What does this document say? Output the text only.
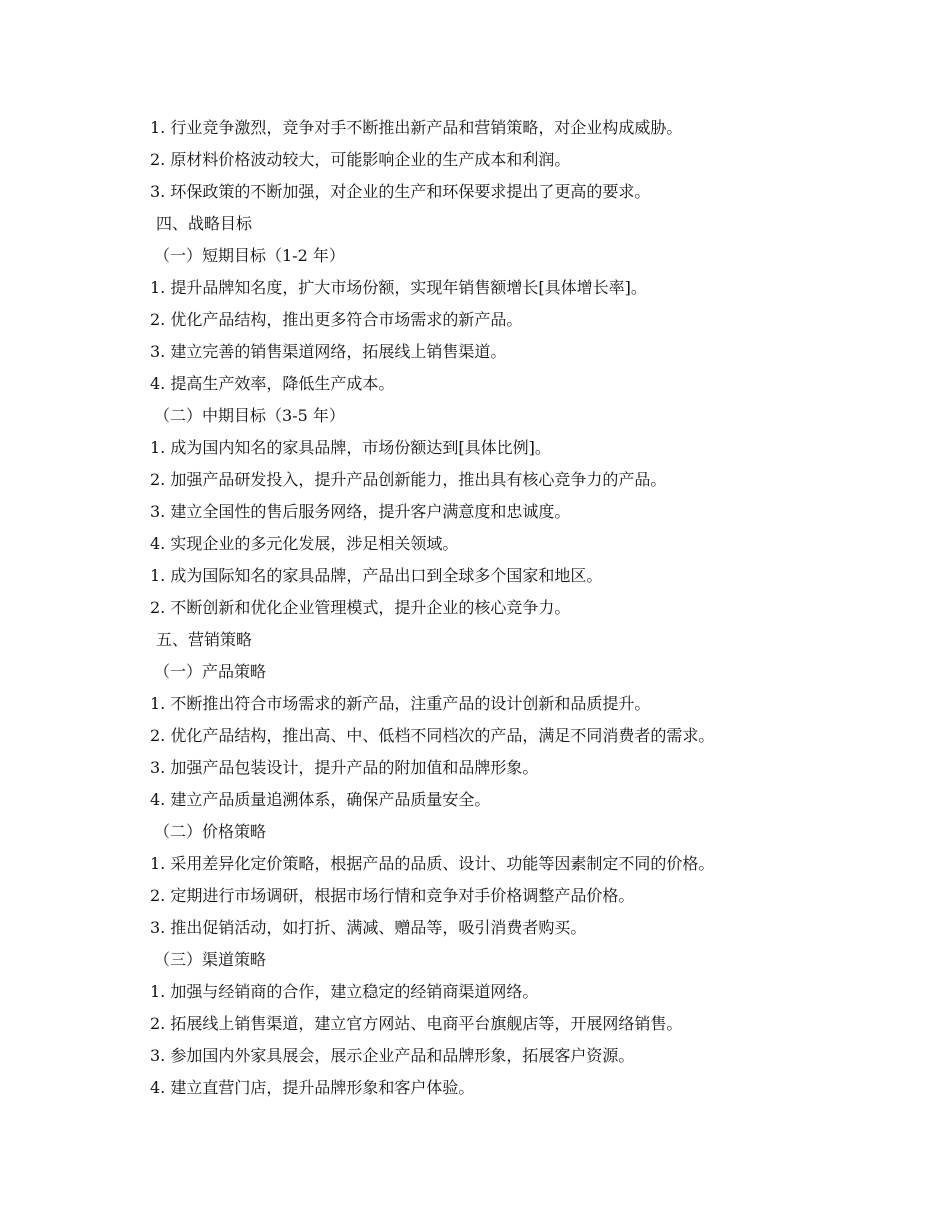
1. 行业竞争激烈，竞争对手不断推出新产品和营销策略，对企业构成威胁。
2. 原材料价格波动较大，可能影响企业的生产成本和利润。
3. 环保政策的不断加强，对企业的生产和环保要求提出了更高的要求。
四、战略目标
（一）短期目标（1-2 年）
1. 提升品牌知名度，扩大市场份额，实现年销售额增长[具体增长率]。
2. 优化产品结构，推出更多符合市场需求的新产品。
3. 建立完善的销售渠道网络，拓展线上销售渠道。
4. 提高生产效率，降低生产成本。
（二）中期目标（3-5 年）
1. 成为国内知名的家具品牌，市场份额达到[具体比例]。
2. 加强产品研发投入，提升产品创新能力，推出具有核心竞争力的产品。
3. 建立全国性的售后服务网络，提升客户满意度和忠诚度。
4. 实现企业的多元化发展，涉足相关领域。
1. 成为国际知名的家具品牌，产品出口到全球多个国家和地区。
2. 不断创新和优化企业管理模式，提升企业的核心竞争力。
五、营销策略
（一）产品策略
1. 不断推出符合市场需求的新产品，注重产品的设计创新和品质提升。
2. 优化产品结构，推出高、中、低档不同档次的产品，满足不同消费者的需求。
3. 加强产品包装设计，提升产品的附加值和品牌形象。
4. 建立产品质量追溯体系，确保产品质量安全。
（二）价格策略
1. 采用差异化定价策略，根据产品的品质、设计、功能等因素制定不同的价格。
2. 定期进行市场调研，根据市场行情和竞争对手价格调整产品价格。
3. 推出促销活动，如打折、满减、赠品等，吸引消费者购买。
（三）渠道策略
1. 加强与经销商的合作，建立稳定的经销商渠道网络。
2. 拓展线上销售渠道，建立官方网站、电商平台旗舰店等，开展网络销售。
3. 参加国内外家具展会，展示企业产品和品牌形象，拓展客户资源。
4. 建立直营门店，提升品牌形象和客户体验。
